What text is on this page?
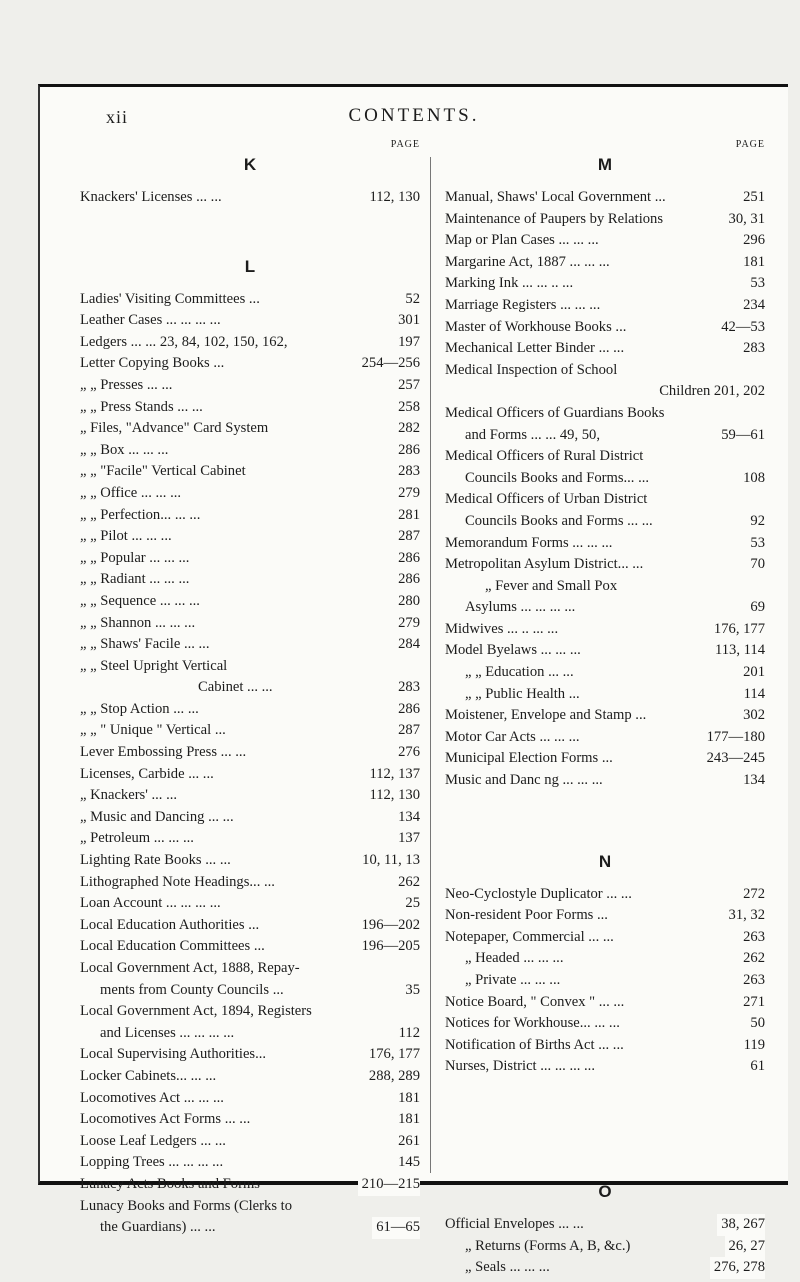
xii	CONTENTS.
PAGE
K
Knackers' Licenses ... ...	112, 130
L
Ladies' Visiting Committees ...	52
Leather Cases ... ... ... ...	301
Ledgers ... ... 23, 84, 102, 150, 162,	197
Letter Copying Books ...	254—256
„ „ Presses ... ...	257
„ „ Press Stands ... ...	258
„ Files, "Advance" Card System	282
„ „ Box ... ... ...	286
„ „ "Facile" Vertical Cabinet	283
„ „ Office ... ... ...	279
„ „ Perfection... ... ...	281
„ „ Pilot ... ... ...	287
„ „ Popular ... ... ...	286
„ „ Radiant ... ... ...	286
„ „ Sequence ... ... ...	280
„ „ Shannon ... ... ...	279
„ „ Shaws' Facile ... ...	284
„ „ Steel Upright Vertical
Cabinet ... ...	283
„ „ Stop Action ... ...	286
„ „ " Unique " Vertical ...	287
Lever Embossing Press ... ...	276
Licenses, Carbide ... ...	112, 137
„ Knackers' ... ...	112, 130
„ Music and Dancing ... ...	134
„ Petroleum ... ... ...	137
Lighting Rate Books ... ...	10, 11, 13
Lithographed Note Headings... ...	262
Loan Account ... ... ... ...	25
Local Education Authorities ...	196—202
Local Education Committees ...	196—205
Local Government Act, 1888, Repay-
ments from County Councils ...	35
Local Government Act, 1894, Registers
and Licenses ... ... ... ...	112
Local Supervising Authorities...	176, 177
Locker Cabinets... ... ...	288, 289
Locomotives Act ... ... ...	181
Locomotives Act Forms ... ...	181
Loose Leaf Ledgers ... ...	261
Lopping Trees ... ... ... ...	145
Lunacy Acts Books and Forms	210—215
Lunacy Books and Forms (Clerks to
the Guardians) ... ...	61—65
PAGE
M
Manual, Shaws' Local Government ...	251
Maintenance of Paupers by Relations	30, 31
Map or Plan Cases ... ... ...	296
Margarine Act, 1887 ... ... ...	181
Marking Ink ... ... .. ...	53
Marriage Registers ... ... ...	234
Master of Workhouse Books ...	42—53
Mechanical Letter Binder ... ...	283
Medical Inspection of School
Children 201, 202
Medical Officers of Guardians Books
and Forms ... ... 49, 50,	59—61
Medical Officers of Rural District
Councils Books and Forms... ...	108
Medical Officers of Urban District
Councils Books and Forms ... ...	92
Memorandum Forms ... ... ...	53
Metropolitan Asylum District... ...	70
„ Fever and Small Pox
Asylums ... ... ... ...	69
Midwives ... .. ... ...	176, 177
Model Byelaws ... ... ...	113, 114
„ „ Education ... ...	201
„ „ Public Health ...	114
Moistener, Envelope and Stamp ...	302
Motor Car Acts ... ... ...	177—180
Municipal Election Forms ...	243—245
Music and Danc ng ... ... ...	134
N
Neo-Cyclostyle Duplicator ... ...	272
Non-resident Poor Forms ...	31, 32
Notepaper, Commercial ... ...	263
„ Headed ... ... ...	262
„ Private ... ... ...	263
Notice Board, " Convex " ... ...	271
Notices for Workhouse... ... ...	50
Notification of Births Act ... ...	119
Nurses, District ... ... ... ...	61
O
Official Envelopes ... ...	38, 267
„ Returns (Forms A, B, &c.)	26, 27
„ Seals ... ... ...	276, 278
